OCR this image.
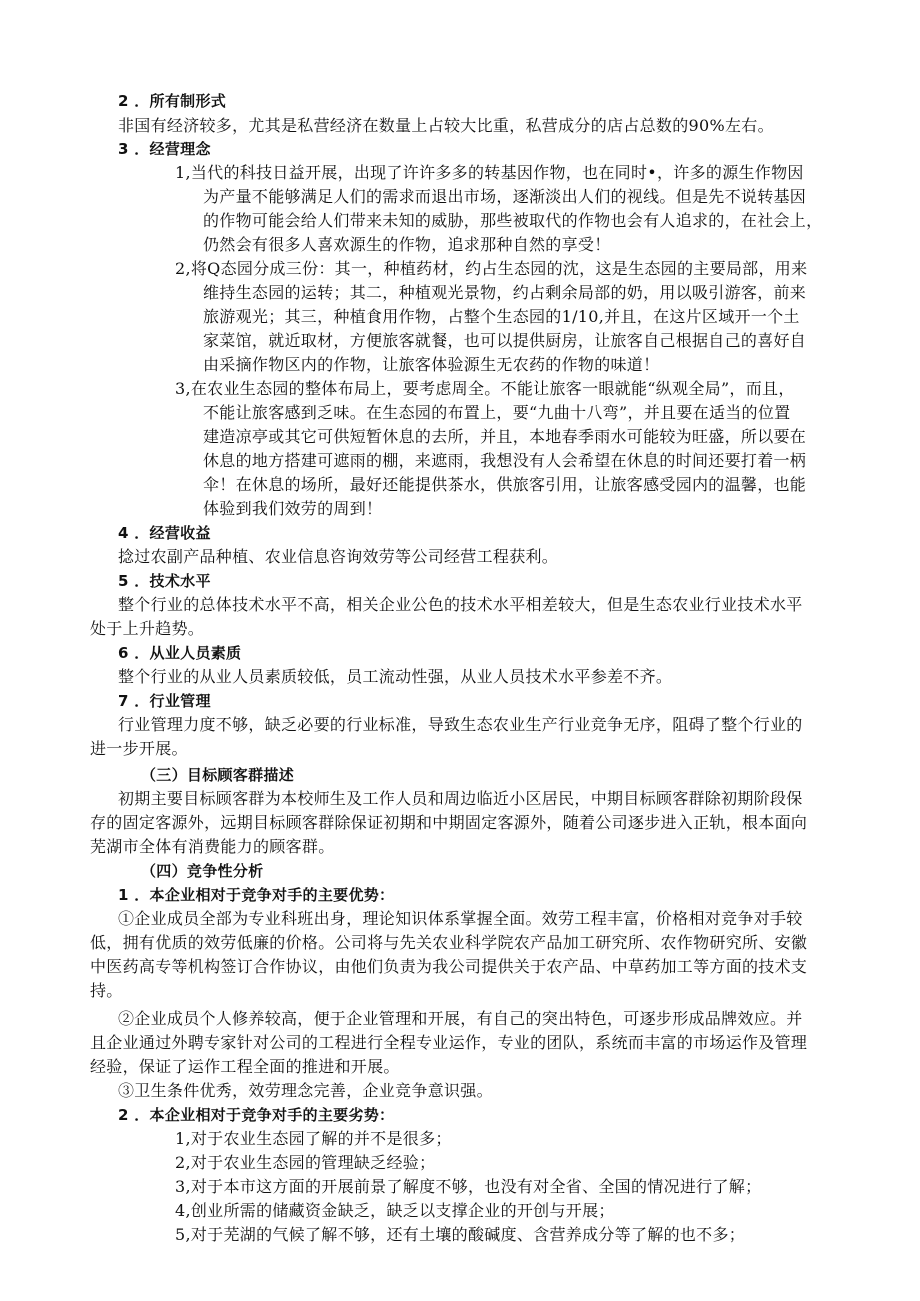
2 ．所有制形式

非国有经济较多，尤其是私营经济在数量上占较大比重，私营成分的店占总数的90%左右。

3 ．经营理念

1,当代的科技日益开展，出现了许许多多的转基因作物，也在同时•，许多的源生作物因

为产量不能够满足人们的需求而退出市场，逐渐淡出人们的视线。但是先不说转基因

的作物可能会给人们带来未知的威胁，那些被取代的作物也会有人追求的，在社会上，

仍然会有很多人喜欢源生的作物，追求那种自然的享受！

2,将Q态园分成三份：其一，种植药材，约占生态园的沈，这是生态园的主要局部，用来

维持生态园的运转；其二，种植观光景物，约占剩余局部的奶，用以吸引游客，前来

旅游观光；其三，种植食用作物，占整个生态园的1/10,并且，在这片区域开一个土

家菜馆，就近取材，方便旅客就餐，也可以提供厨房，让旅客自己根据自己的喜好自

由采摘作物区内的作物，让旅客体验源生无农药的作物的味道！

3,在农业生态园的整体布局上，要考虑周全。不能让旅客一眼就能“纵观全局”，而且，

不能让旅客感到乏味。在生态园的布置上，要“九曲十八弯”，并且要在适当的位置

建造凉亭或其它可供短暂休息的去所，并且，本地春季雨水可能较为旺盛，所以要在

休息的地方搭建可遮雨的棚，来遮雨，我想没有人会希望在休息的时间还要打着一柄

伞！在休息的场所，最好还能提供茶水，供旅客引用，让旅客感受园内的温馨，也能

体验到我们效劳的周到！

4 ．经营收益

捻过农副产品种植、农业信息咨询效劳等公司经营工程获利。

5 ．技术水平

整个行业的总体技术水平不高，相关企业公色的技术水平相差较大，但是生态农业行业技术水平

处于上升趋势。

6 ．从业人员素质

整个行业的从业人员素质较低，员工流动性强，从业人员技术水平参差不齐。

7 ．行业管理

行业管理力度不够，缺乏必要的行业标准，导致生态农业生产行业竞争无序，阻碍了整个行业的

进一步开展。

（三）目标顾客群描述

初期主要目标顾客群为本校师生及工作人员和周边临近小区居民，中期目标顾客群除初期阶段保

存的固定客源外，远期目标顾客群除保证初期和中期固定客源外，随着公司逐步进入正轨，根本面向

芜湖市全体有消费能力的顾客群。

（四）竞争性分析

1 ．本企业相对于竞争对手的主要优势：

①企业成员全部为专业科班出身，理论知识体系掌握全面。效劳工程丰富，价格相对竞争对手较

低，拥有优质的效劳低廉的价格。公司将与先关农业科学院农产品加工研究所、农作物研究所、安徽

中医药高专等机构签订合作协议，由他们负责为我公司提供关于农产品、中草药加工等方面的技术支

持。

②企业成员个人修养较高，便于企业管理和开展，有自己的突出特色，可逐步形成品牌效应。并

且企业通过外聘专家针对公司的工程进行全程专业运作，专业的团队，系统而丰富的市场运作及管理

经验，保证了运作工程全面的推进和开展。

③卫生条件优秀，效劳理念完善，企业竞争意识强。

2 ．本企业相对于竞争对手的主要劣势：

1,对于农业生态园了解的并不是很多；

2,对于农业生态园的管理缺乏经验；

3,对于本市这方面的开展前景了解度不够，也没有对全省、全国的情况进行了解；

4,创业所需的储藏资金缺乏，缺乏以支撑企业的开创与开展；

5,对于芜湖的气候了解不够，还有土壤的酸碱度、含营养成分等了解的也不多；
